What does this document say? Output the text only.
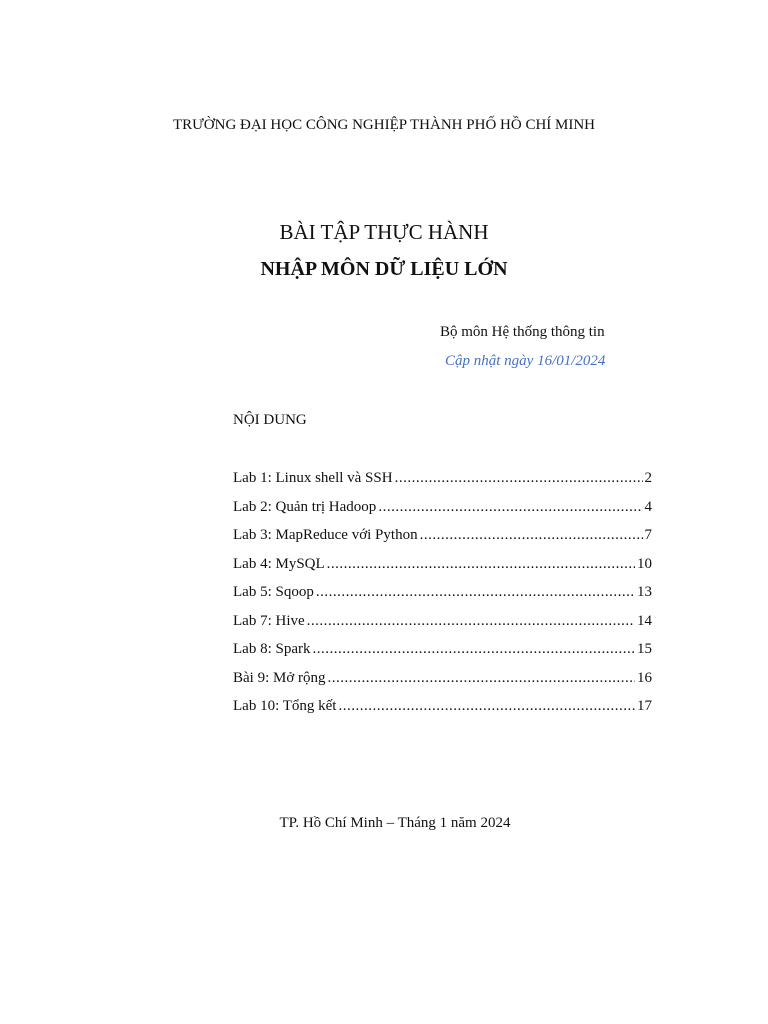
TRƯỜNG ĐẠI HỌC CÔNG NGHIỆP THÀNH PHỐ HỒ CHÍ MINH
BÀI TẬP THỰC HÀNH
NHẬP MÔN DỮ LIỆU LỚN
Bộ môn Hệ thống thông tin
Cập nhật ngày 16/01/2024
NỘI DUNG
Lab 1: Linux shell và SSH .....	2
Lab 2: Quản trị Hadoop .....	4
Lab 3: MapReduce với Python .....	7
Lab 4: MySQL .....	10
Lab 5: Sqoop .....	13
Lab 7: Hive .....	14
Lab 8: Spark .....	15
Bài 9: Mở rộng .....	16
Lab 10: Tổng kết .....	17
TP. Hồ Chí Minh – Tháng 1 năm 2024
